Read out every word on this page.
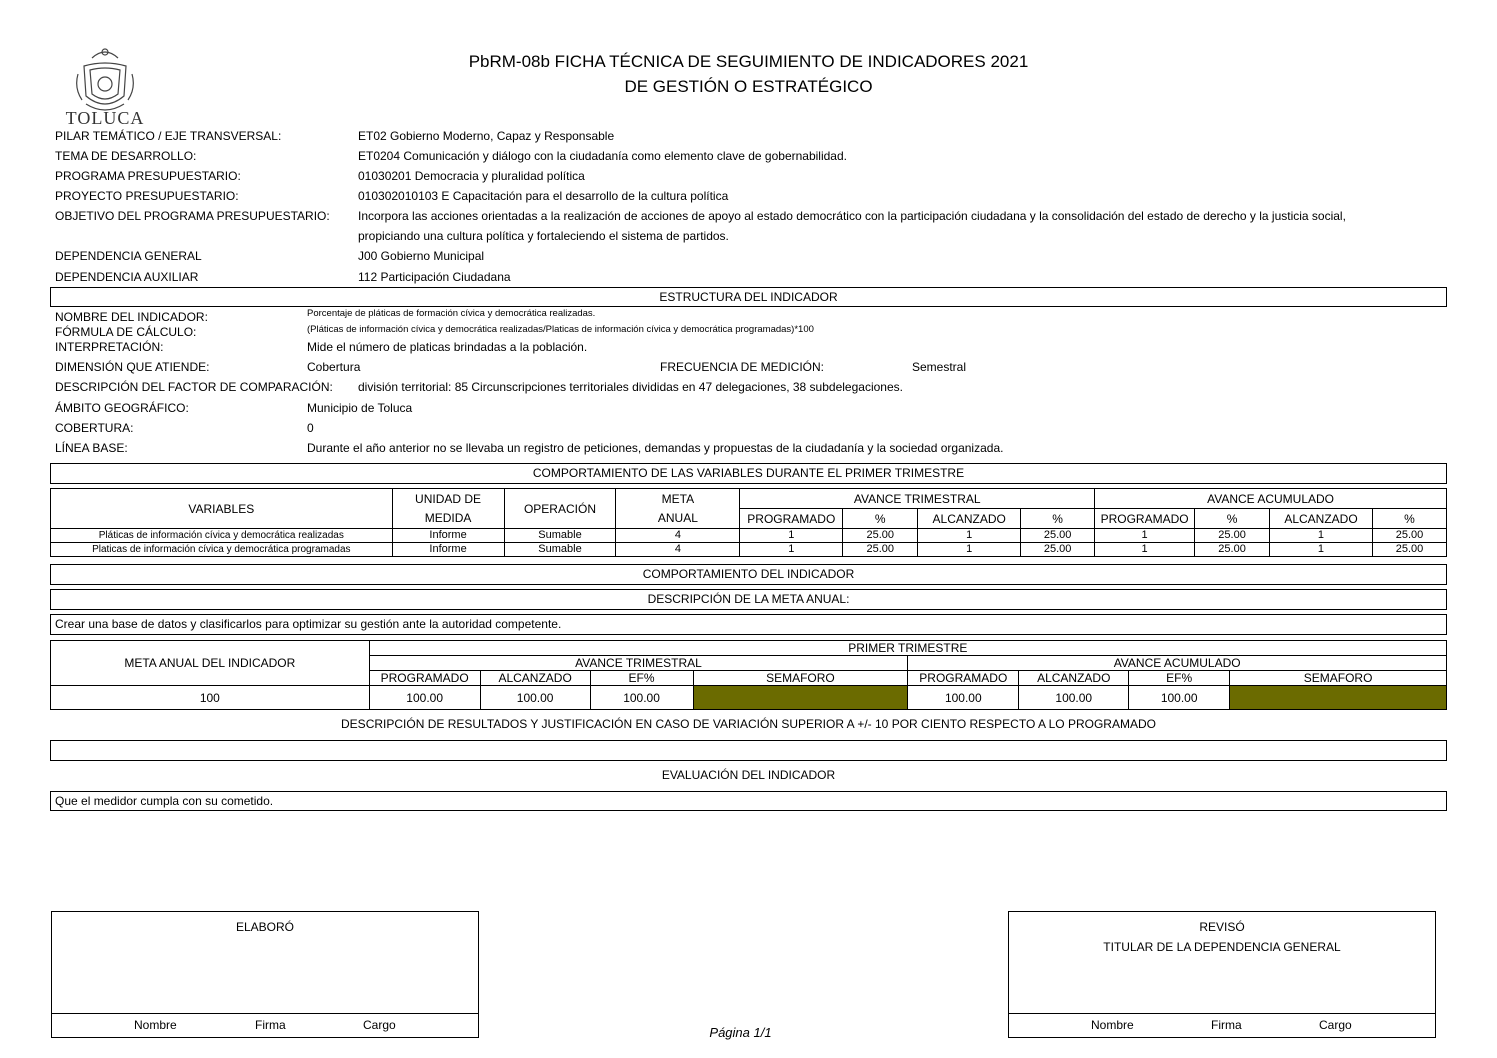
TOLUCA
PbRM-08b FICHA TÉCNICA DE SEGUIMIENTO DE INDICADORES 2021
DE GESTIÓN O ESTRATÉGICO
PILAR TEMÁTICO / EJE TRANSVERSAL:	ET02 Gobierno Moderno, Capaz y Responsable
TEMA DE DESARROLLO:	ET0204 Comunicación y diálogo con la ciudadanía como elemento clave de gobernabilidad.
PROGRAMA PRESUPUESTARIO:	01030201 Democracia y pluralidad política
PROYECTO PRESUPUESTARIO:	010302010103 E Capacitación para el desarrollo de la cultura política
OBJETIVO DEL PROGRAMA PRESUPUESTARIO: Incorpora las acciones orientadas a la realización de acciones de apoyo al estado democrático con la participación ciudadana y la consolidación del estado de derecho y la justicia social,
propiciando una cultura política y fortaleciendo el sistema de partidos.
DEPENDENCIA GENERAL	J00 Gobierno Municipal
DEPENDENCIA AUXILIAR	112 Participación Ciudadana
ESTRUCTURA DEL INDICADOR
NOMBRE DEL INDICADOR:	Porcentaje de pláticas de formación cívica y democrática realizadas.
FÓRMULA DE CÁLCULO:	(Pláticas de información cívica y democrática realizadas/Platicas de información cívica y democrática programadas)*100
INTERPRETACIÓN:	Mide el número de platicas brindadas a la población.
DIMENSIÓN QUE ATIENDE:	Cobertura	FRECUENCIA DE MEDICIÓN:	Semestral
DESCRIPCIÓN DEL FACTOR DE COMPARACIÓN: división territorial: 85 Circunscripciones territoriales divididas en 47 delegaciones, 38 subdelegaciones.
ÁMBITO GEOGRÁFICO:	Municipio de Toluca
COBERTURA:	0
LÍNEA BASE:	Durante el año anterior no se llevaba un registro de peticiones, demandas y propuestas de la ciudadanía y la sociedad organizada.
COMPORTAMIENTO DE LAS VARIABLES DURANTE EL PRIMER TRIMESTRE
VARIABLES	UNIDAD DE	OPERACIÓN	META	AVANCE TRIMESTRAL				AVANCE ACUMULADO			
	MEDIDA		ANUAL	PROGRAMADO	%	ALCANZADO	%	PROGRAMADO	%	ALCANZADO	%
Pláticas de información cívica y democrática realizadas	Informe	Sumable	4	1	25.00	1	25.00	1	25.00	1	25.00
Platicas de información cívica y democrática programadas	Informe	Sumable	4	1	25.00	1	25.00	1	25.00	1	25.00
COMPORTAMIENTO DEL INDICADOR
DESCRIPCIÓN DE LA META ANUAL:
Crear una base de datos y clasificarlos para optimizar su gestión ante la autoridad competente.
META ANUAL DEL INDICADOR	PRIMER TRIMESTRE							
	AVANCE TRIMESTRAL				AVANCE ACUMULADO			
	PROGRAMADO	ALCANZADO	EF%	SEMAFORO	PROGRAMADO	ALCANZADO	EF%	SEMAFORO
100	100.00	100.00	100.00		100.00	100.00	100.00	
DESCRIPCIÓN DE RESULTADOS Y JUSTIFICACIÓN EN CASO DE VARIACIÓN SUPERIOR A +/- 10 POR CIENTO RESPECTO A LO PROGRAMADO
EVALUACIÓN DEL INDICADOR
Que el medidor cumpla con su cometido.
ELABORÓ
Nombre	Firma	Cargo
REVISÓ
TITULAR DE LA DEPENDENCIA GENERAL
Nombre	Firma	Cargo
Página 1/1
